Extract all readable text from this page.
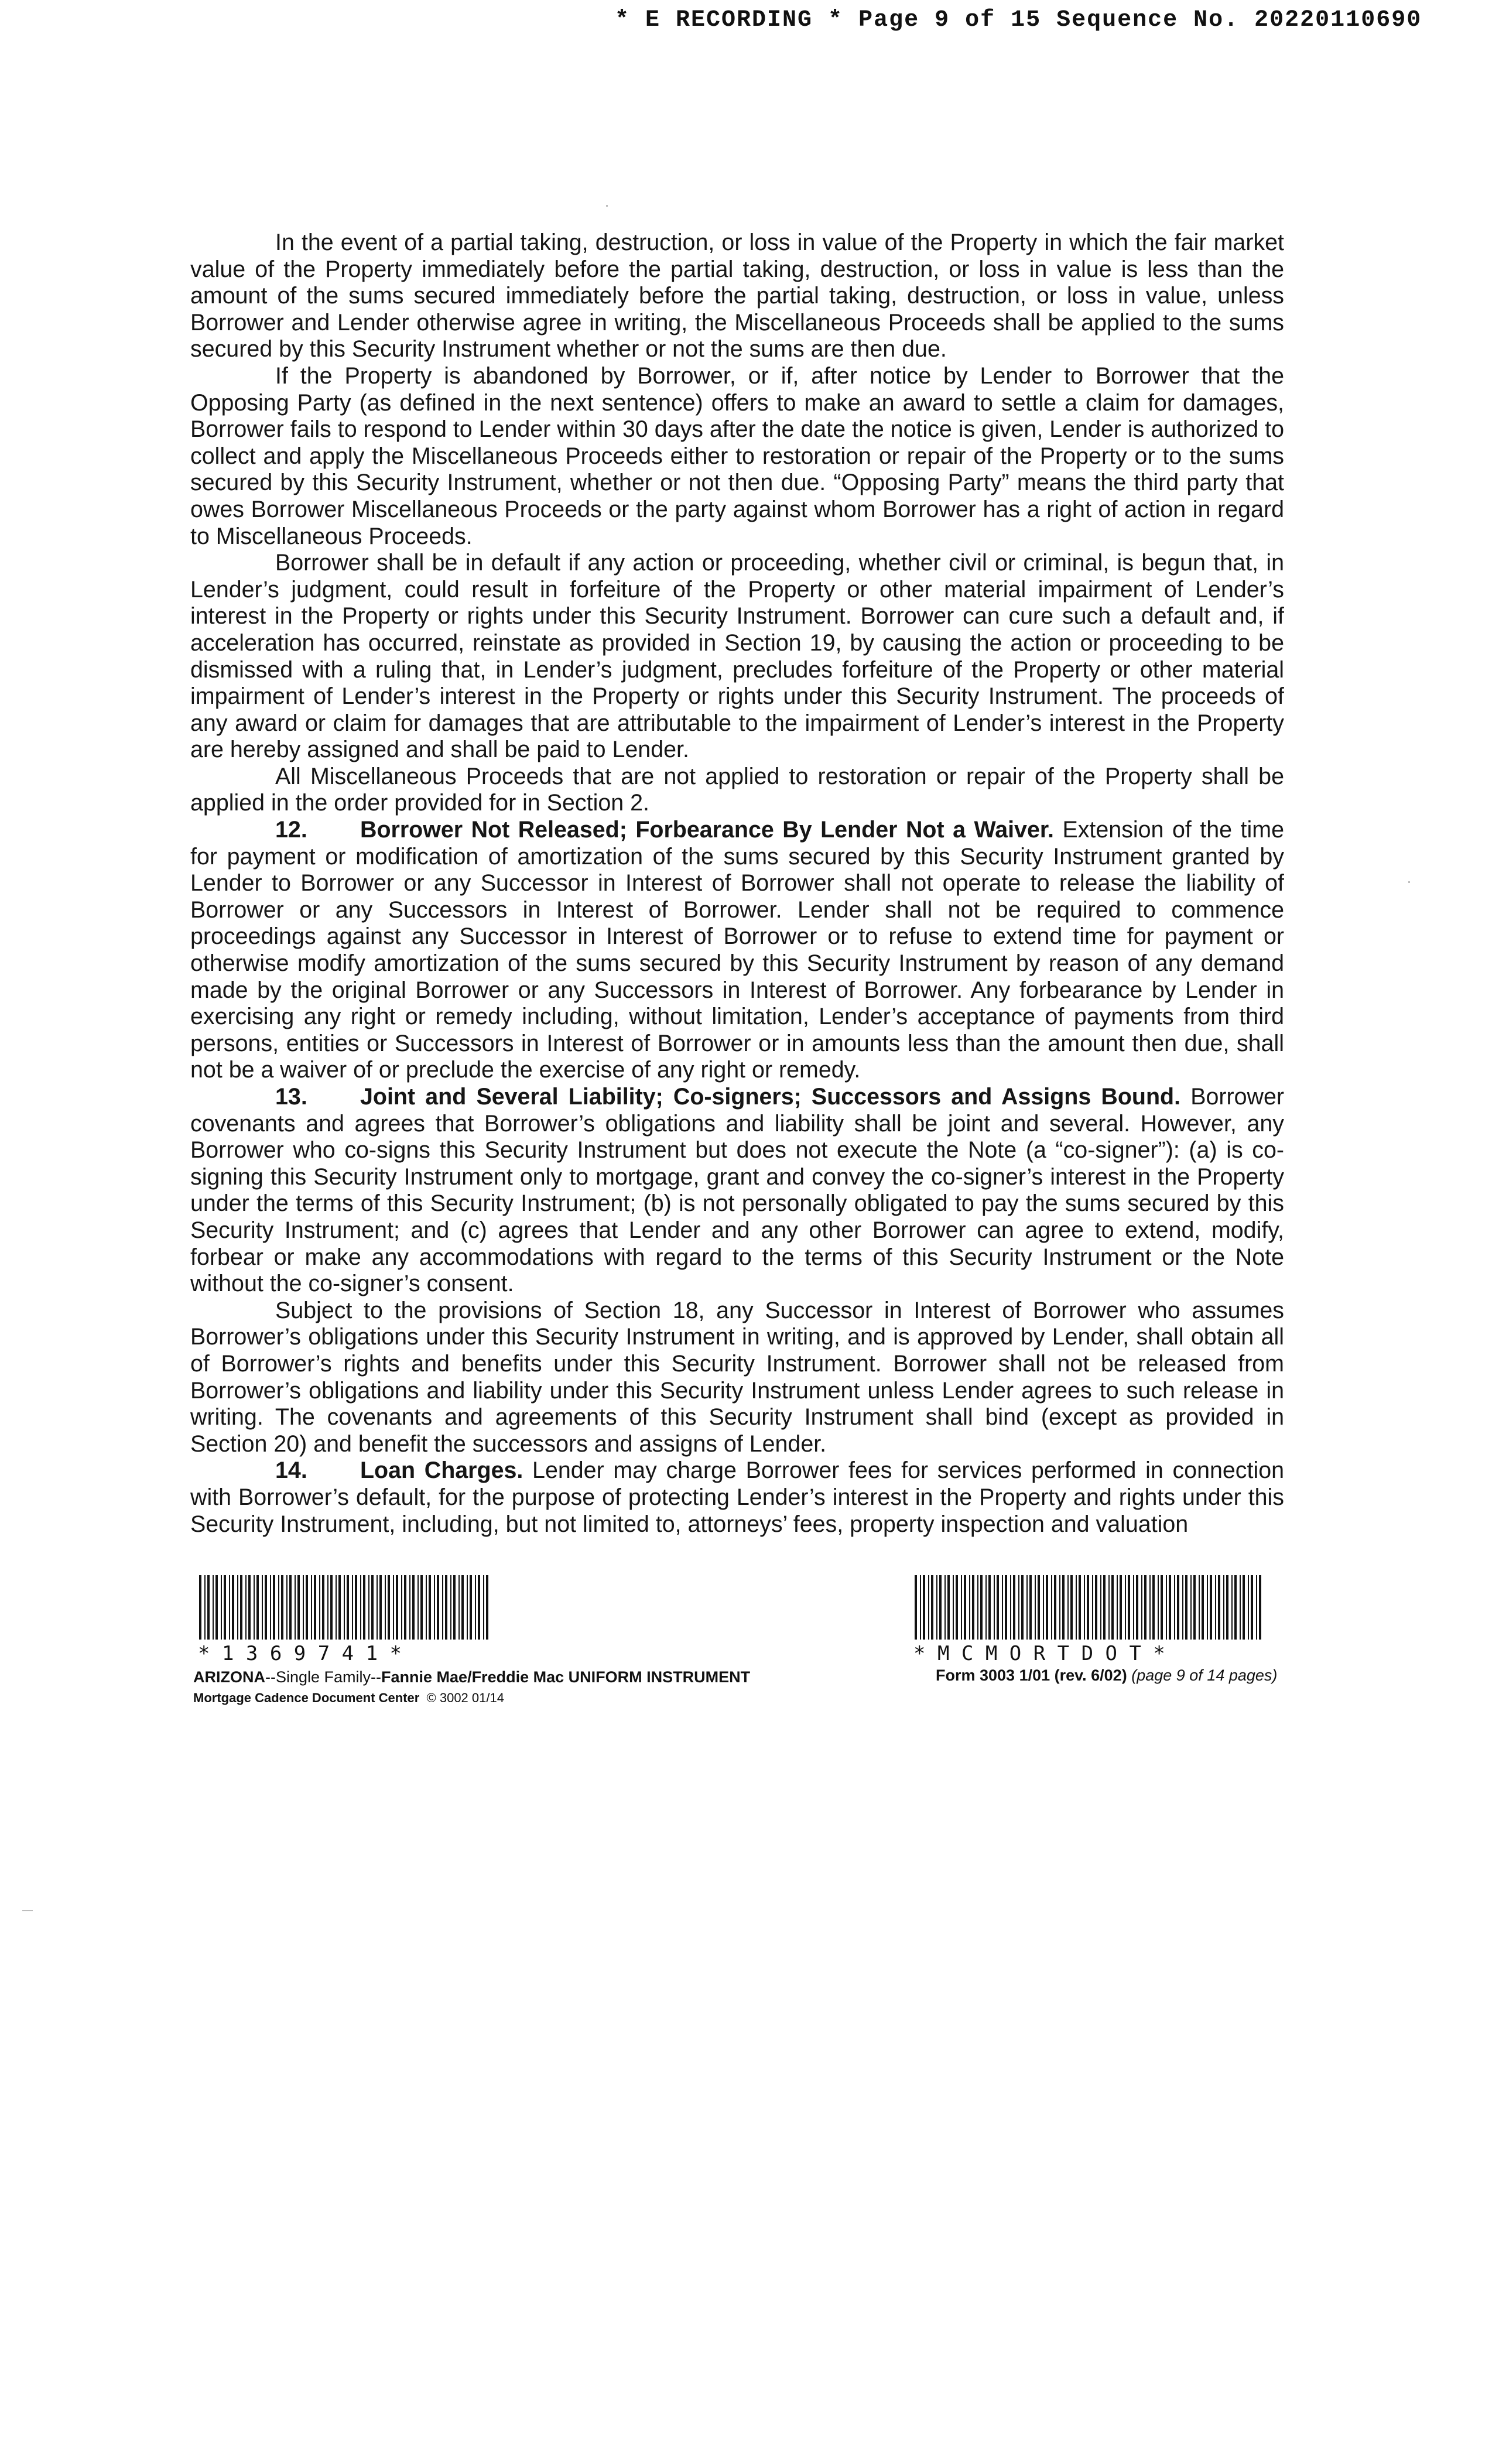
* E RECORDING * Page 9 of 15 Sequence No. 20220110690

In the event of a partial taking, destruction, or loss in value of the Property in which the fair market value of the Property immediately before the partial taking, destruction, or loss in value is less than the amount of the sums secured immediately before the partial taking, destruction, or loss in value, unless Borrower and Lender otherwise agree in writing, the Miscellaneous Proceeds shall be applied to the sums secured by this Security Instrument whether or not the sums are then due.

If the Property is abandoned by Borrower, or if, after notice by Lender to Borrower that the Opposing Party (as defined in the next sentence) offers to make an award to settle a claim for damages, Borrower fails to respond to Lender within 30 days after the date the notice is given, Lender is authorized to collect and apply the Miscellaneous Proceeds either to restoration or repair of the Property or to the sums secured by this Security Instrument, whether or not then due. “Opposing Party” means the third party that owes Borrower Miscellaneous Proceeds or the party against whom Borrower has a right of action in regard to Miscellaneous Proceeds.

Borrower shall be in default if any action or proceeding, whether civil or criminal, is begun that, in Lender’s judgment, could result in forfeiture of the Property or other material impairment of Lender’s interest in the Property or rights under this Security Instrument. Borrower can cure such a default and, if acceleration has occurred, reinstate as provided in Section 19, by causing the action or proceeding to be dismissed with a ruling that, in Lender’s judgment, precludes forfeiture of the Property or other material impairment of Lender’s interest in the Property or rights under this Security Instrument. The proceeds of any award or claim for damages that are attributable to the impairment of Lender’s interest in the Property are hereby assigned and shall be paid to Lender.

All Miscellaneous Proceeds that are not applied to restoration or repair of the Property shall be applied in the order provided for in Section 2.

12. Borrower Not Released; Forbearance By Lender Not a Waiver. Extension of the time for payment or modification of amortization of the sums secured by this Security Instrument granted by Lender to Borrower or any Successor in Interest of Borrower shall not operate to release the liability of Borrower or any Successors in Interest of Borrower. Lender shall not be required to commence proceedings against any Successor in Interest of Borrower or to refuse to extend time for payment or otherwise modify amortization of the sums secured by this Security Instrument by reason of any demand made by the original Borrower or any Successors in Interest of Borrower. Any forbearance by Lender in exercising any right or remedy including, without limitation, Lender’s acceptance of payments from third persons, entities or Successors in Interest of Borrower or in amounts less than the amount then due, shall not be a waiver of or preclude the exercise of any right or remedy.

13. Joint and Several Liability; Co-signers; Successors and Assigns Bound. Borrower covenants and agrees that Borrower’s obligations and liability shall be joint and several. However, any Borrower who co-signs this Security Instrument but does not execute the Note (a “co-signer”): (a) is co-signing this Security Instrument only to mortgage, grant and convey the co-signer’s interest in the Property under the terms of this Security Instrument; (b) is not personally obligated to pay the sums secured by this Security Instrument; and (c) agrees that Lender and any other Borrower can agree to extend, modify, forbear or make any accommodations with regard to the terms of this Security Instrument or the Note without the co-signer’s consent.

Subject to the provisions of Section 18, any Successor in Interest of Borrower who assumes Borrower’s obligations under this Security Instrument in writing, and is approved by Lender, shall obtain all of Borrower’s rights and benefits under this Security Instrument. Borrower shall not be released from Borrower’s obligations and liability under this Security Instrument unless Lender agrees to such release in writing. The covenants and agreements of this Security Instrument shall bind (except as provided in Section 20) and benefit the successors and assigns of Lender.

14. Loan Charges. Lender may charge Borrower fees for services performed in connection with Borrower’s default, for the purpose of protecting Lender’s interest in the Property and rights under this Security Instrument, including, but not limited to, attorneys’ fees, property inspection and valuation

* 1 3 6 9 7 4 1 *	* M C M O R T D O T *
ARIZONA--Single Family--Fannie Mae/Freddie Mac UNIFORM INSTRUMENT
Mortgage Cadence Document Center © 3002 01/14
Form 3003 1/01 (rev. 6/02) (page 9 of 14 pages)
